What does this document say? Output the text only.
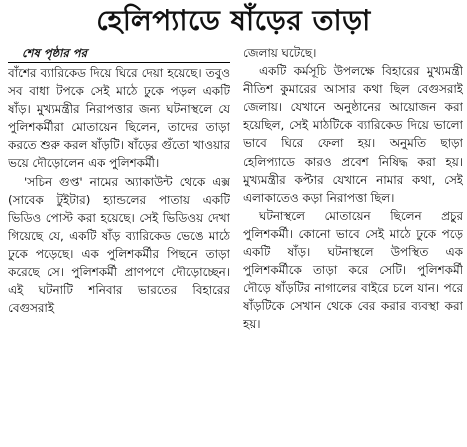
হেলিপ্যাডে ষাঁড়ের তাড়া
শেষ পৃষ্ঠার পর

বাঁশের ব্যারিকেড দিয়ে ঘিরে দেয়া হয়েছে। তবুও সব বাধা টপকে সেই মাঠে ঢুকে পড়ল একটি ষাঁড়। মুখ্যমন্ত্রীর নিরাপত্তার জন্য ঘটনাস্থলে যে পুলিশকর্মীরা মোতায়েন ছিলেন, তাদের তাড়া করতে শুরু করল ষাঁড়টি। ষাঁড়ের গুঁতো খাওয়ার ভয়ে দৌড়োলেন এক পুলিশকর্মী।

'সচিন গুপ্ত' নামের অ্যাকাউন্ট থেকে এক্স (সাবেক টুইটার) হ্যান্ডলের পাতায় একটি ভিডিও পোস্ট করা হয়েছে। সেই ভিডিওয় দেখা গিয়েছে যে, একটি ষাঁড় ব্যারিকেড ভেঙে মাঠে ঢুকে পড়েছে। এক পুলিশকর্মীর পিছনে তাড়া করেছে সে। পুলিশকর্মী প্রাণপণে দৌড়োচ্ছেন। এই ঘটনাটি শনিবার ভারতের বিহারের বেগুসরাই

জেলায় ঘটেছে।

একটি কর্মসূচি উপলক্ষে বিহারের মুখ্যমন্ত্রী নীতিশ কুমারের আসার কথা ছিল বেগুসরাই জেলায়। যেখানে অনুষ্ঠানের আয়োজন করা হয়েছিল, সেই মাঠটিকে ব্যারিকেড দিয়ে ভালো ভাবে ঘিরে ফেলা হয়। অনুমতি ছাড়া হেলিপ্যাডে কারও প্রবেশ নিষিদ্ধ করা হয়। মুখ্যমন্ত্রীর কপ্টার যেখানে নামার কথা, সেই এলাকাতেও কড়া নিরাপত্তা ছিল।

ঘটনাস্থলে মোতায়েন ছিলেন প্রচুর পুলিশকর্মী। কোনো ভাবে সেই মাঠে ঢুকে পড়ে একটি ষাঁড়। ঘটনাস্থলে উপস্থিত এক পুলিশকর্মীকে তাড়া করে সেটি। পুলিশকর্মী দৌড়ে ষাঁড়টির নাগালের বাইরে চলে যান। পরে ষাঁড়টিকে সেখান থেকে বের করার ব্যবস্থা করা হয়।
